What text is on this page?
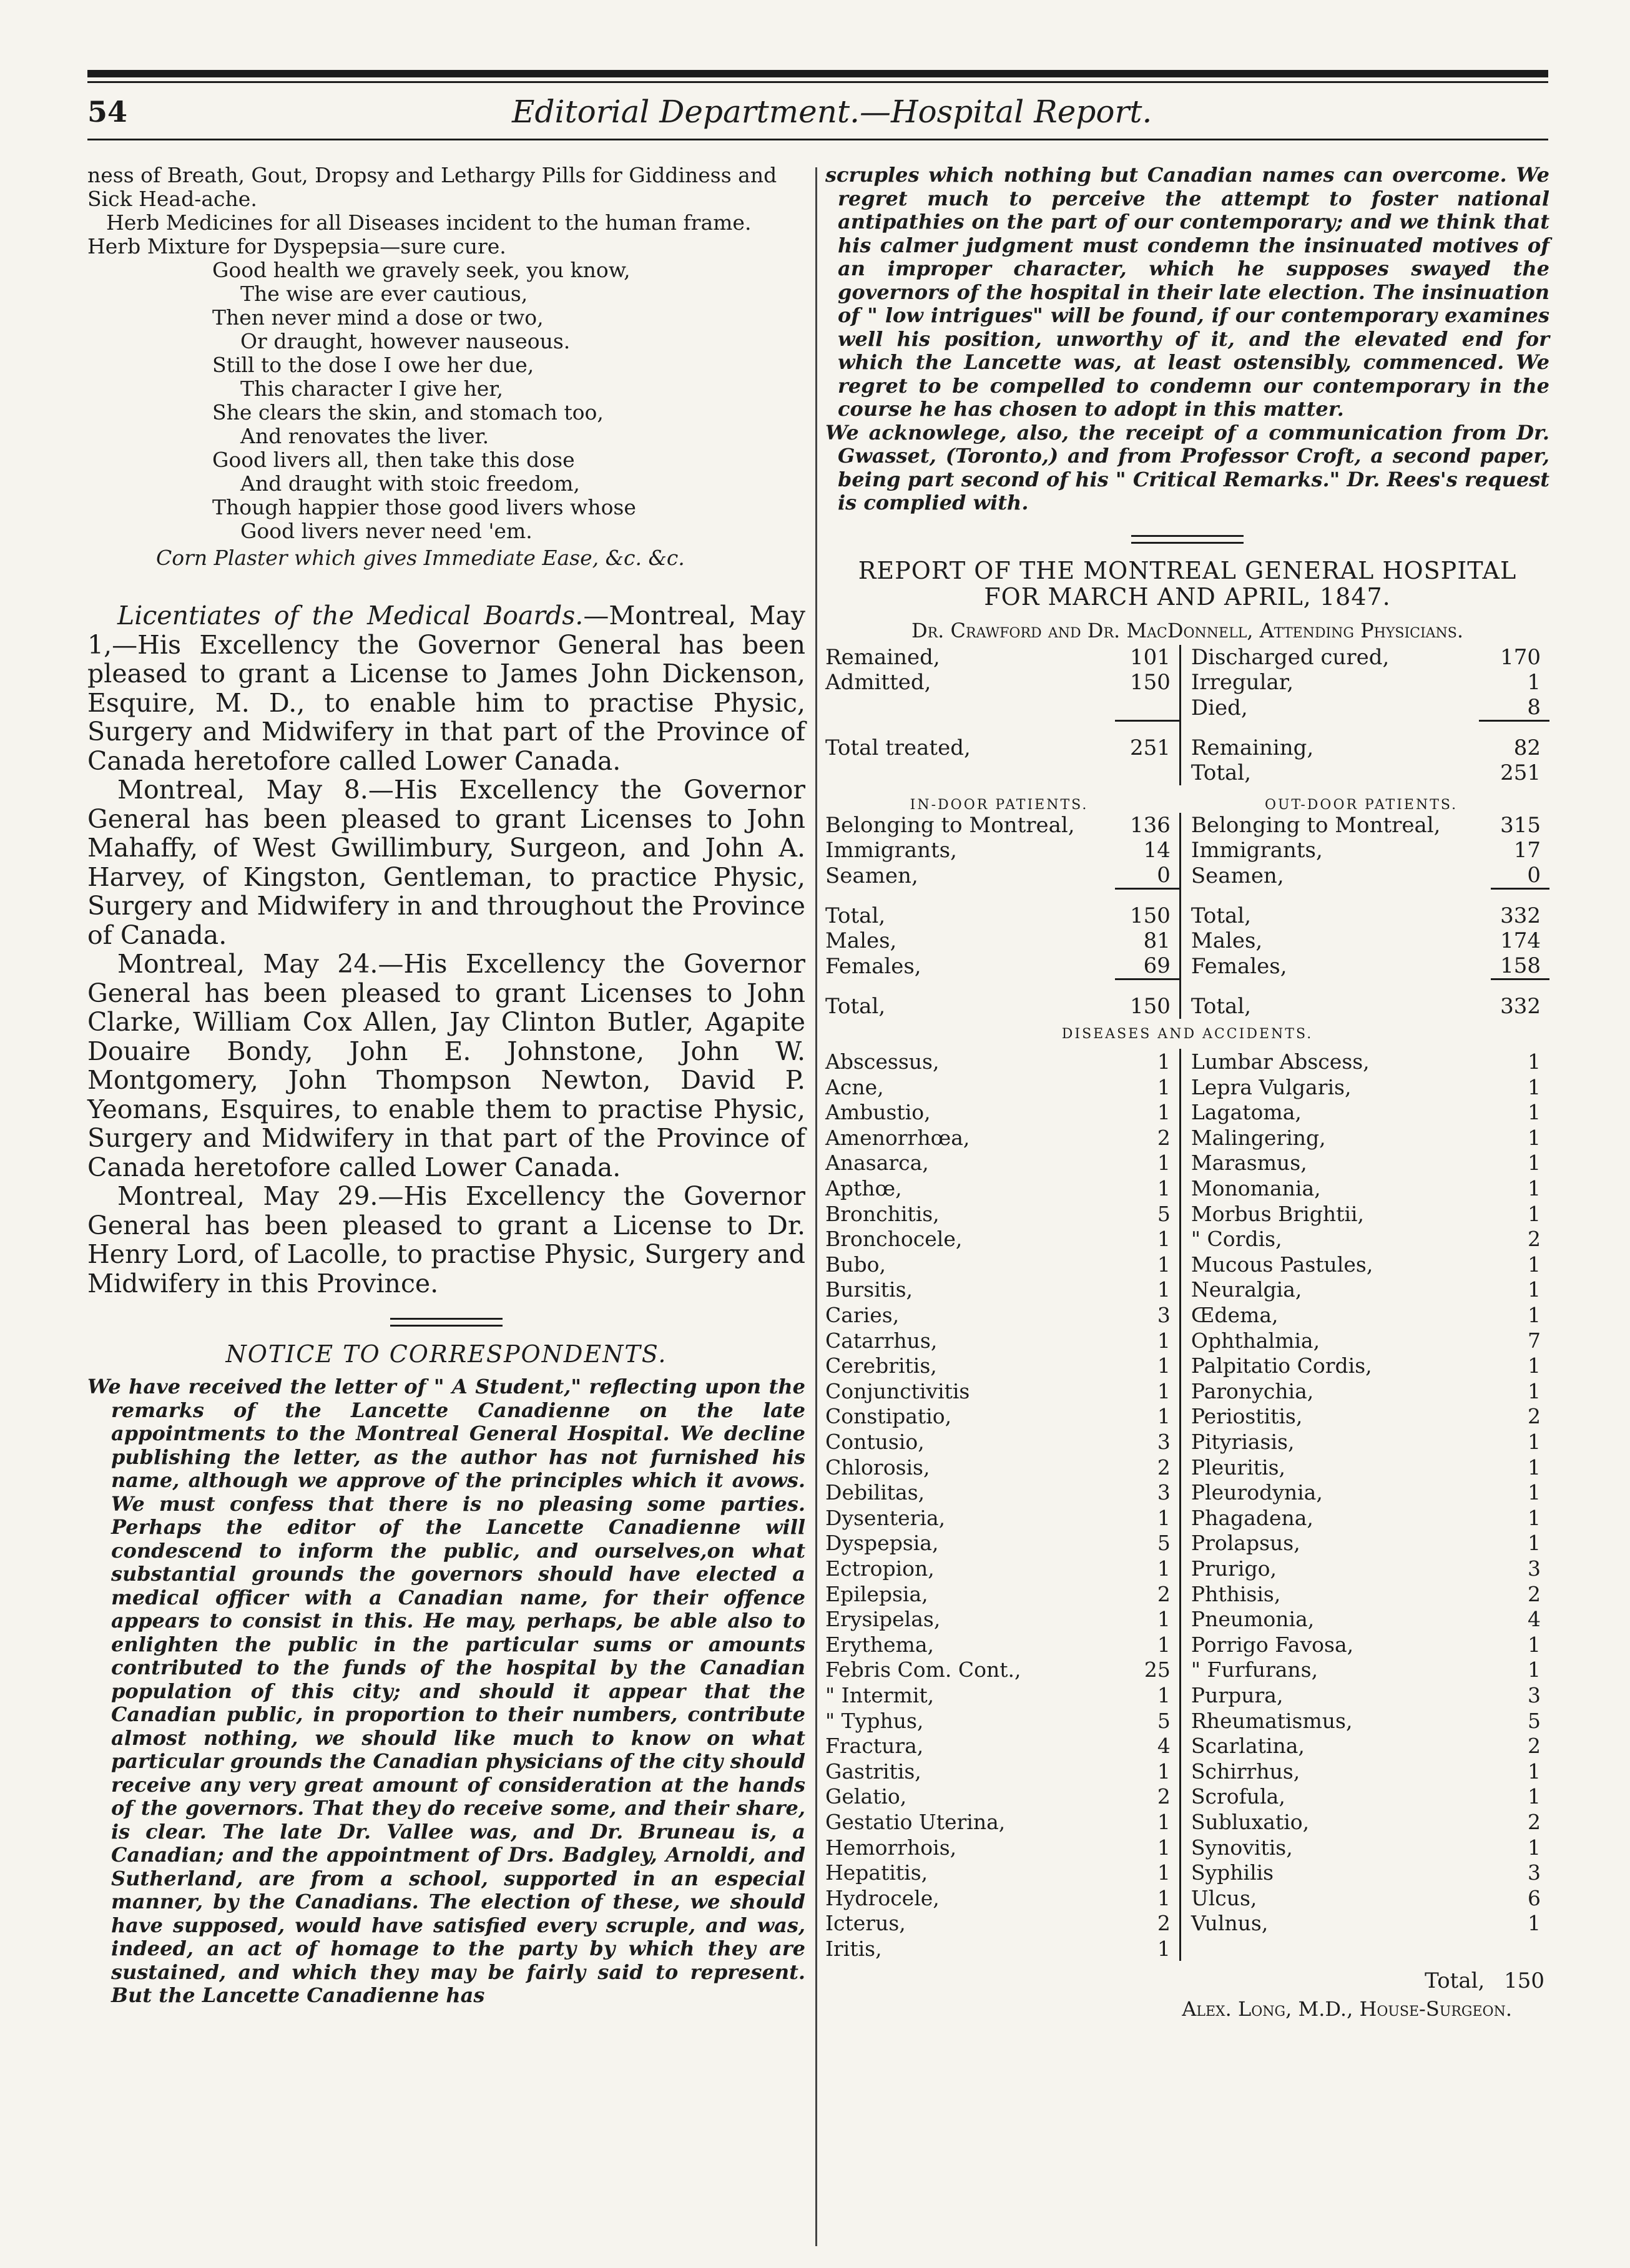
54	Editorial Department.—Hospital Report.
ness of Breath, Gout, Dropsy and Lethargy Pills for Giddiness and Sick Head-ache.
Herb Medicines for all Diseases incident to the human frame.
Herb Mixture for Dyspepsia—sure cure.
Good health we gravely seek, you know,
The wise are ever cautious,
Then never mind a dose or two,
Or draught, however nauseous.
Still to the dose I owe her due,
This character I give her,
She clears the skin, and stomach too,
And renovates the liver.
Good livers all, then take this dose
And draught with stoic freedom,
Though happier those good livers whose
Good livers never need 'em.
Corn Plaster which gives Immediate Ease, &c. &c.

Licentiates of the Medical Boards.—Montreal, May 1,—His Excellency the Governor General has been pleased to grant a License to James John Dickenson, Esquire, M. D., to enable him to practise Physic, Surgery and Midwifery in that part of the Province of Canada heretofore called Lower Canada.

Montreal, May 8.—His Excellency the Governor General has been pleased to grant Licenses to John Mahaffy, of West Gwillimbury, Surgeon, and John A. Harvey, of Kingston, Gentleman, to practice Physic, Surgery and Midwifery in and throughout the Province of Canada.

Montreal, May 24.—His Excellency the Governor General has been pleased to grant Licenses to John Clarke, William Cox Allen, Jay Clinton Butler, Agapite Douaire Bondy, John E. Johnstone, John W. Montgomery, John Thompson Newton, David P. Yeomans, Esquires, to enable them to practise Physic, Surgery and Midwifery in that part of the Province of Canada heretofore called Lower Canada.

Montreal, May 29.—His Excellency the Governor General has been pleased to grant a License to Dr. Henry Lord, of Lacolle, to practise Physic, Surgery and Midwifery in this Province.

NOTICE TO CORRESPONDENTS.
We have received the letter of " A Student," reflecting upon the remarks of the Lancette Canadienne on the late appointments to the Montreal General Hospital. We decline publishing the letter, as the author has not furnished his name, although we approve of the principles which it avows. We must confess that there is no pleasing some parties. Perhaps the editor of the Lancette Canadienne will condescend to inform the public, and ourselves,on what substantial grounds the governors should have elected a medical officer with a Canadian name, for their offence appears to consist in this. He may, perhaps, be able also to enlighten the public in the particular sums or amounts contributed to the funds of the hospital by the Canadian population of this city; and should it appear that the Canadian public, in proportion to their numbers, contribute almost nothing, we should like much to know on what particular grounds the Canadian physicians of the city should receive any very great amount of consideration at the hands of the governors. That they do receive some, and their share, is clear. The late Dr. Vallee was, and Dr. Bruneau is, a Canadian; and the appointment of Drs. Badgley, Arnoldi, and Sutherland, are from a school, supported in an especial manner, by the Canadians. The election of these, we should have supposed, would have satisfied every scruple, and was, indeed, an act of homage to the party by which they are sustained, and which they may be fairly said to represent. But the Lancette Canadienne has
scruples which nothing but Canadian names can overcome. We regret much to perceive the attempt to foster national antipathies on the part of our contemporary; and we think that his calmer judgment must condemn the insinuated motives of an improper character, which he supposes swayed the governors of the hospital in their late election. The insinuation of " low intrigues" will be found, if our contemporary examines well his position, unworthy of it, and the elevated end for which the Lancette was, at least ostensibly, commenced. We regret to be compelled to condemn our contemporary in the course he has chosen to adopt in this matter.
We acknowlege, also, the receipt of a communication from Dr. Gwasset, (Toronto,) and from Professor Croft, a second paper, being part second of his " Critical Remarks." Dr. Rees's request is complied with.
REPORT OF THE MONTREAL GENERAL HOSPITAL
FOR MARCH AND APRIL, 1847.
Dr. Crawford and Dr. MacDonnell, Attending Physicians.
Remained,	101	Discharged cured,	170
Admitted,	150	Irregular,	1
		Died,	8
Total treated,	251	Remaining,	82
		Total,	251
IN-DOOR PATIENTS.	OUT-DOOR PATIENTS.
Belonging to Montreal,	136	Belonging to Montreal,	315
Immigrants,	14	Immigrants,	17
Seamen,	0	Seamen,	0
Total,	150	Total,	332
Males,	81	Males,	174
Females,	69	Females,	158
Total,	150	Total,	332
DISEASES AND ACCIDENTS.
Abscessus,	1	Lumbar Abscess,	1
Acne,	1	Lepra Vulgaris,	1
Ambustio,	1	Lagatoma,	1
Amenorrhœa,	2	Malingering,	1
Anasarca,	1	Marasmus,	1
Apthœ,	1	Monomania,	1
Bronchitis,	5	Morbus Brightii,	1
Bronchocele,	1	" Cordis,	2
Bubo,	1	Mucous Pastules,	1
Bursitis,	1	Neuralgia,	1
Caries,	3	Œdema,	1
Catarrhus,	1	Ophthalmia,	7
Cerebritis,	1	Palpitatio Cordis,	1
Conjunctivitis	1	Paronychia,	1
Constipatio,	1	Periostitis,	2
Contusio,	3	Pityriasis,	1
Chlorosis,	2	Pleuritis,	1
Debilitas,	3	Pleurodynia,	1
Dysenteria,	1	Phagadena,	1
Dyspepsia,	5	Prolapsus,	1
Ectropion,	1	Prurigo,	3
Epilepsia,	2	Phthisis,	2
Erysipelas,	1	Pneumonia,	4
Erythema,	1	Porrigo Favosa,	1
Febris Com. Cont.,	25	" Furfurans,	1
" Intermit,	1	Purpura,	3
" Typhus,	5	Rheumatismus,	5
Fractura,	4	Scarlatina,	2
Gastritis,	1	Schirrhus,	1
Gelatio,	2	Scrofula,	1
Gestatio Uterina,	1	Subluxatio,	2
Hemorrhois,	1	Synovitis,	1
Hepatitis,	1	Syphilis	3
Hydrocele,	1	Ulcus,	6
Icterus,	2	Vulnus,	1
Iritis,	1		
Total, 150
Alex. Long, M.D., House-Surgeon.
